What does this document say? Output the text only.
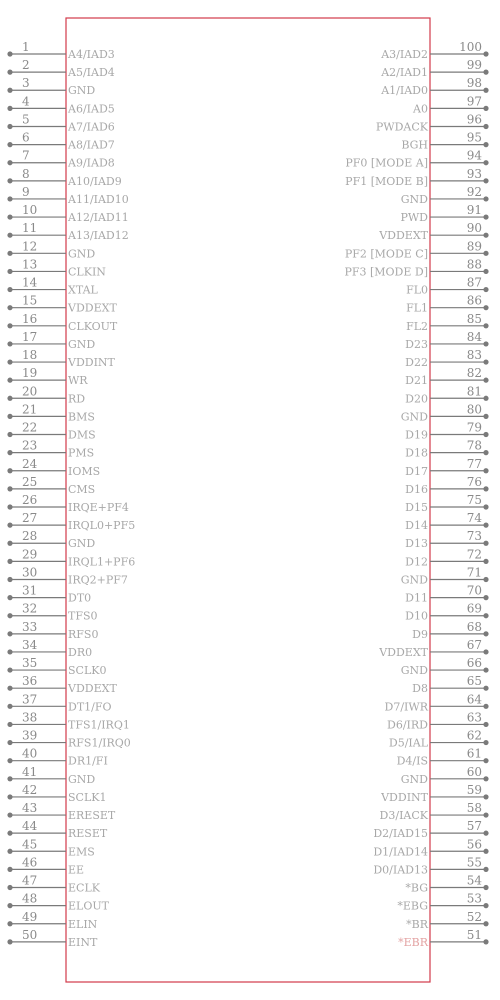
1
A4/IAD3
2
A5/IAD4
3
GND
4
A6/IAD5
5
A7/IAD6
6
A8/IAD7
7
A9/IAD8
8
A10/IAD9
9
A11/IAD10
10
A12/IAD11
11
A13/IAD12
12
GND
13
CLKIN
14
XTAL
15
VDDEXT
16
CLKOUT
17
GND
18
VDDINT
19
WR
20
RD
21
BMS
22
DMS
23
PMS
24
IOMS
25
CMS
26
IRQE+PF4
27
IRQL0+PF5
28
GND
29
IRQL1+PF6
30
IRQ2+PF7
31
DT0
32
TFS0
33
RFS0
34
DR0
35
SCLK0
36
VDDEXT
37
DT1/FO
38
TFS1/IRQ1
39
RFS1/IRQ0
40
DR1/FI
41
GND
42
SCLK1
43
ERESET
44
RESET
45
EMS
46
EE
47
ECLK
48
ELOUT
49
ELIN
50
EINT
100
A3/IAD2
99
A2/IAD1
98
A1/IAD0
97
A0
96
PWDACK
95
BGH
94
PF0 [MODE A]
93
PF1 [MODE B]
92
GND
91
PWD
90
VDDEXT
89
PF2 [MODE C]
88
PF3 [MODE D]
87
FL0
86
FL1
85
FL2
84
D23
83
D22
82
D21
81
D20
80
GND
79
D19
78
D18
77
D17
76
D16
75
D15
74
D14
73
D13
72
D12
71
GND
70
D11
69
D10
68
D9
67
VDDEXT
66
GND
65
D8
64
D7/IWR
63
D6/IRD
62
D5/IAL
61
D4/IS
60
GND
59
VDDINT
58
D3/IACK
57
D2/IAD15
56
D1/IAD14
55
D0/IAD13
54
*BG
53
*EBG
52
*BR
51
*EBR
